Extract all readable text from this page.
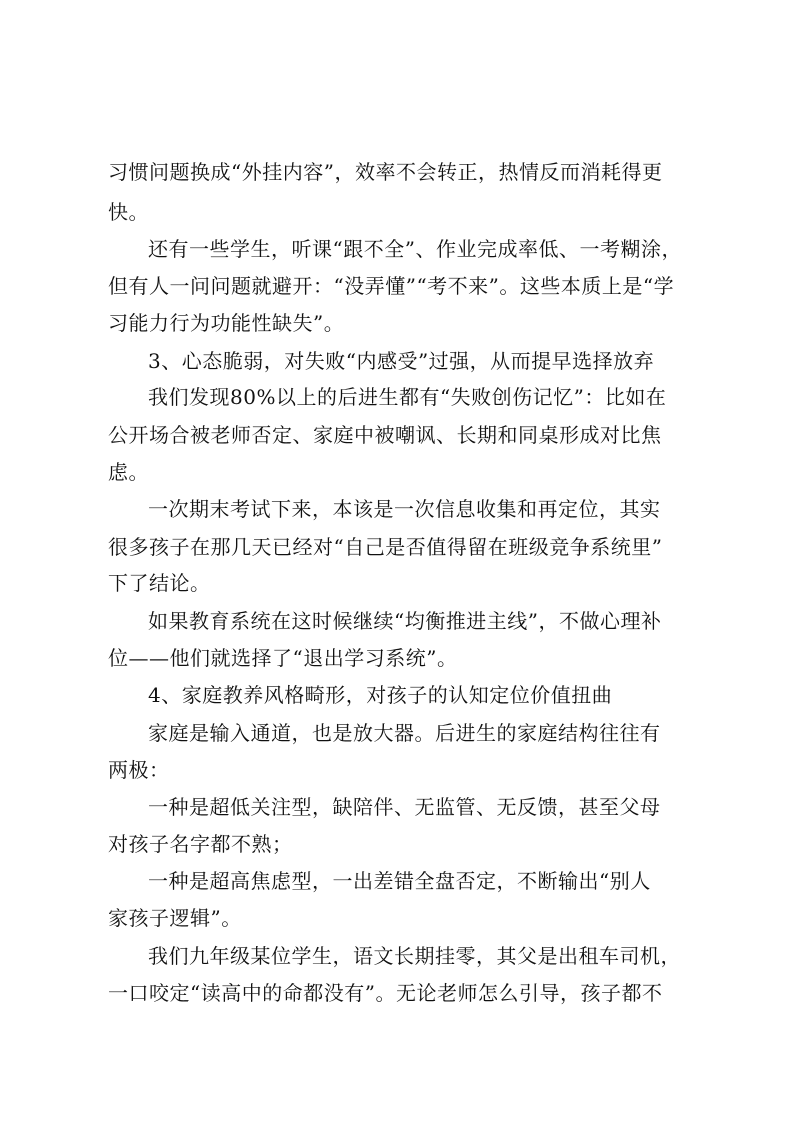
习惯问题换成“外挂内容”，效率不会转正，热情反而消耗得更
快。
还有一些学生，听课“跟不全”、作业完成率低、一考糊涂，
但有人一问问题就避开：“没弄懂”“考不来”。这些本质上是“学
习能力行为功能性缺失”。
3、心态脆弱，对失败“内感受”过强，从而提早选择放弃
我们发现80%以上的后进生都有“失败创伤记忆”：比如在
公开场合被老师否定、家庭中被嘲讽、长期和同桌形成对比焦
虑。
一次期末考试下来，本该是一次信息收集和再定位，其实
很多孩子在那几天已经对“自己是否值得留在班级竞争系统里”
下了结论。
如果教育系统在这时候继续“均衡推进主线”，不做心理补
位——他们就选择了“退出学习系统”。
4、家庭教养风格畸形，对孩子的认知定位价值扭曲
家庭是输入通道，也是放大器。后进生的家庭结构往往有
两极：
一种是超低关注型，缺陪伴、无监管、无反馈，甚至父母
对孩子名字都不熟；
一种是超高焦虑型，一出差错全盘否定，不断输出“别人
家孩子逻辑”。
我们九年级某位学生，语文长期挂零，其父是出租车司机，
一口咬定“读高中的命都没有”。无论老师怎么引导，孩子都不
